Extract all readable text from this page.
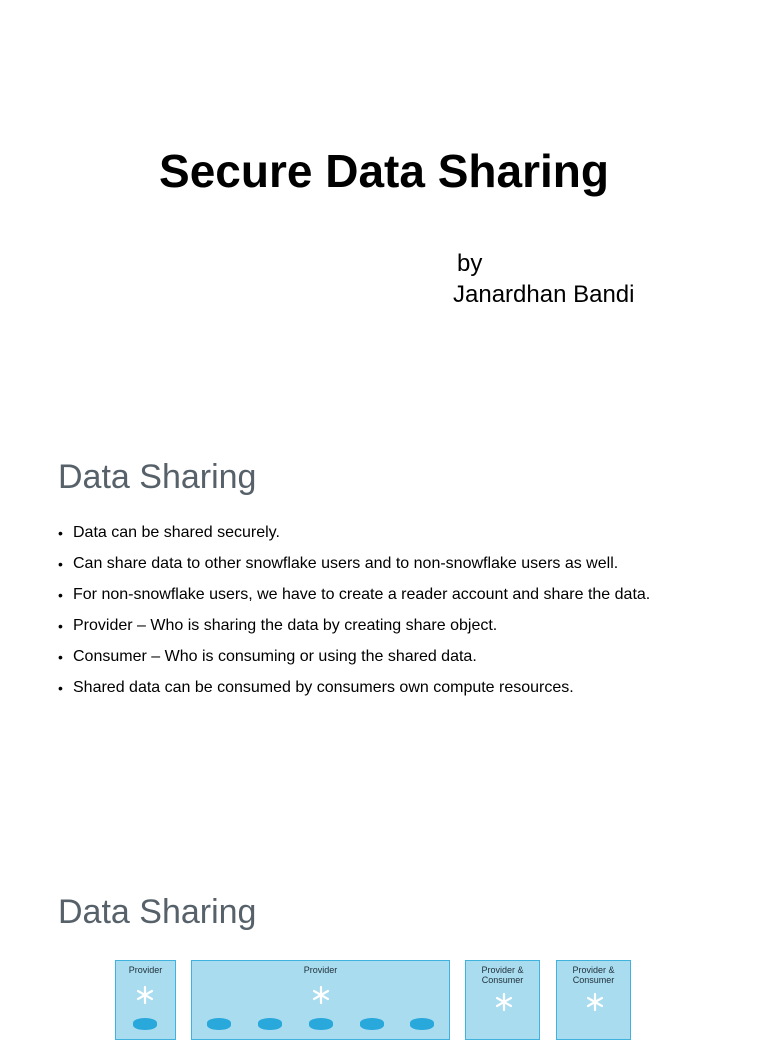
Secure Data Sharing
by
Janardhan Bandi
Data Sharing
• Data can be shared securely.
• Can share data to other snowflake users and to non-snowflake users as well.
• For non-snowflake users, we have to create a reader account and share the data.
• Provider – Who is sharing the data by creating share object.
• Consumer – Who is consuming or using the shared data.
• Shared data can be consumed by consumers own compute resources.
Data Sharing
Provider	Provider	Provider &
Consumer
Provider &
Consumer
